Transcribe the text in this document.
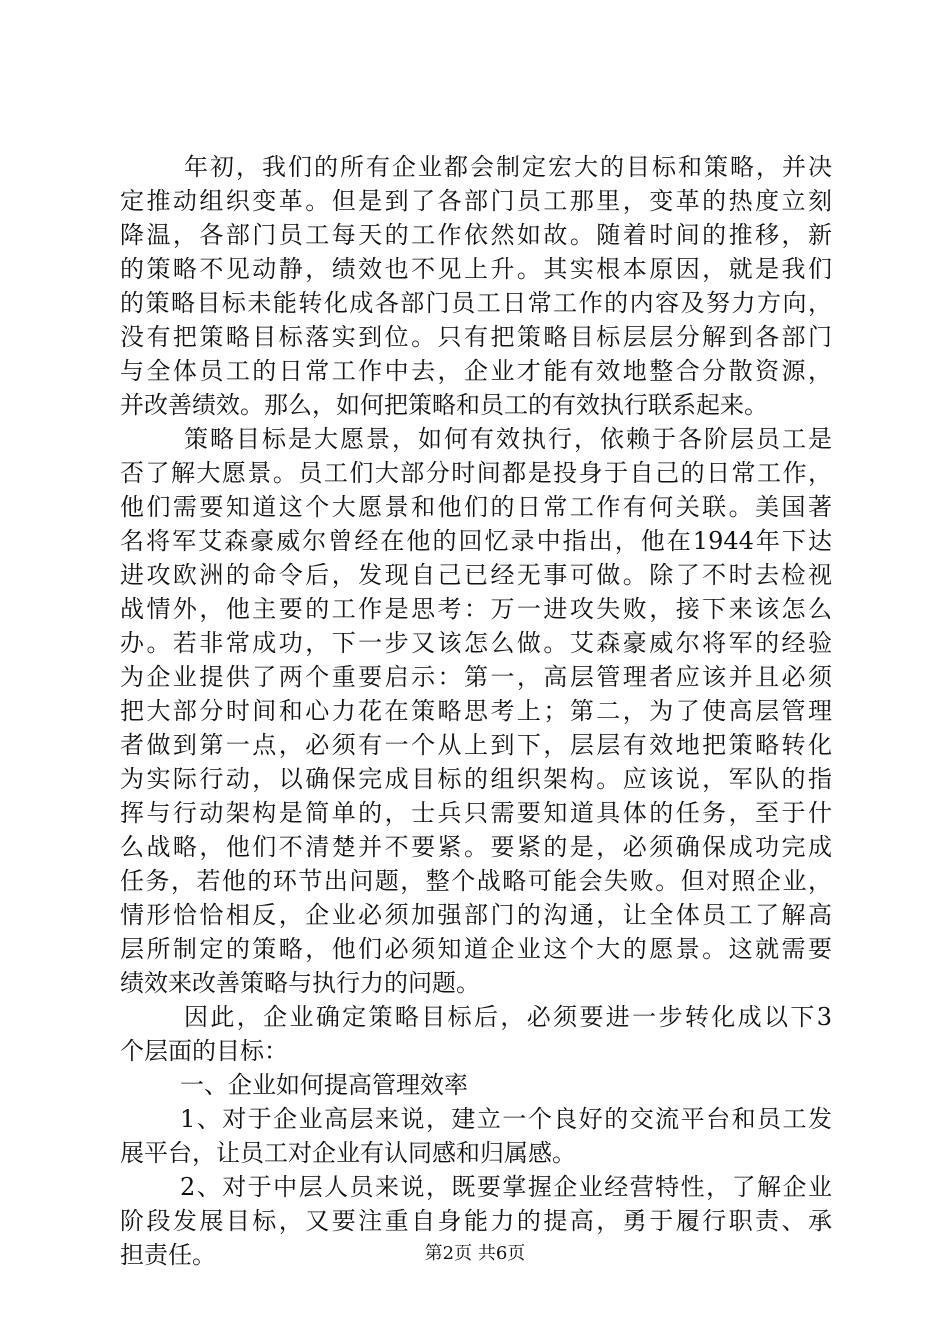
年初，我们的所有企业都会制定宏大的目标和策略，并决
定推动组织变革。但是到了各部门员工那里，变革的热度立刻
降温，各部门员工每天的工作依然如故。随着时间的推移，新
的策略不见动静，绩效也不见上升。其实根本原因，就是我们
的策略目标未能转化成各部门员工日常工作的内容及努力方向，
没有把策略目标落实到位。只有把策略目标层层分解到各部门
与全体员工的日常工作中去，企业才能有效地整合分散资源，
并改善绩效。那么，如何把策略和员工的有效执行联系起来。
策略目标是大愿景，如何有效执行，依赖于各阶层员工是
否了解大愿景。员工们大部分时间都是投身于自己的日常工作，
他们需要知道这个大愿景和他们的日常工作有何关联。美国著
名将军艾森豪威尔曾经在他的回忆录中指出，他在1944年下达
进攻欧洲的命令后，发现自己已经无事可做。除了不时去检视
战情外，他主要的工作是思考：万一进攻失败，接下来该怎么
办。若非常成功，下一步又该怎么做。艾森豪威尔将军的经验
为企业提供了两个重要启示：第一，高层管理者应该并且必须
把大部分时间和心力花在策略思考上；第二，为了使高层管理
者做到第一点，必须有一个从上到下，层层有效地把策略转化
为实际行动，以确保完成目标的组织架构。应该说，军队的指
挥与行动架构是简单的，士兵只需要知道具体的任务，至于什
么战略，他们不清楚并不要紧。要紧的是，必须确保成功完成
任务，若他的环节出问题，整个战略可能会失败。但对照企业，
情形恰恰相反，企业必须加强部门的沟通，让全体员工了解高
层所制定的策略，他们必须知道企业这个大的愿景。这就需要
绩效来改善策略与执行力的问题。
因此，企业确定策略目标后，必须要进一步转化成以下3
个层面的目标：
一、企业如何提高管理效率
1、对于企业高层来说，建立一个良好的交流平台和员工发
展平台，让员工对企业有认同感和归属感。
2、对于中层人员来说，既要掌握企业经营特性，了解企业
阶段发展目标，又要注重自身能力的提高，勇于履行职责、承
担责任。	第2页 共6页
